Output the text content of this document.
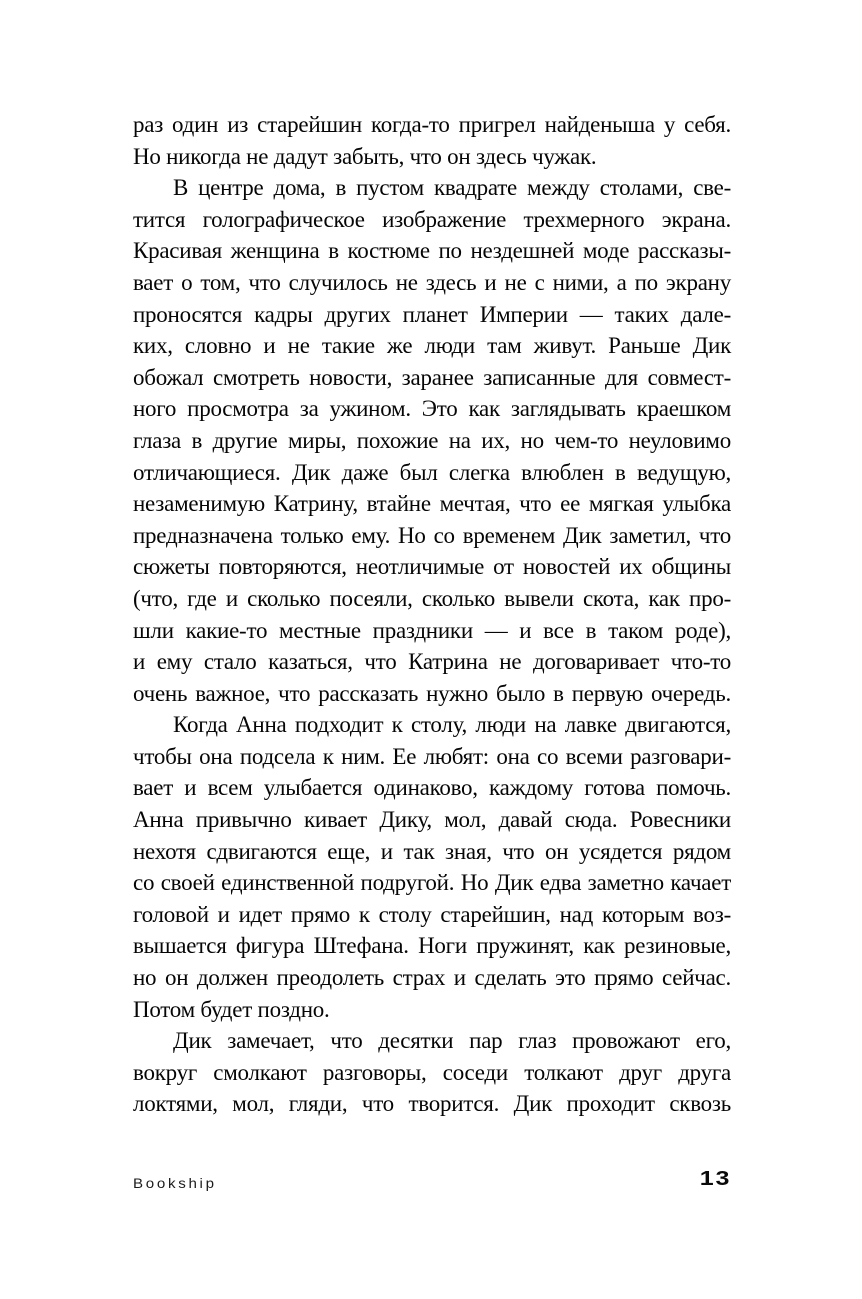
раз один из старейшин когда-то пригрел найденыша у себя.
Но никогда не дадут забыть, что он здесь чужак.
В центре дома, в пустом квадрате между столами, све-
тится голографическое изображение трехмерного экрана.
Красивая женщина в костюме по нездешней моде рассказы-
вает о том, что случилось не здесь и не с ними, а по экрану
проносятся кадры других планет Империи — таких дале-
ких, словно и не такие же люди там живут. Раньше Дик
обожал смотреть новости, заранее записанные для совмест-
ного просмотра за ужином. Это как заглядывать краешком
глаза в другие миры, похожие на их, но чем-то неуловимо
отличающиеся. Дик даже был слегка влюблен в ведущую,
незаменимую Катрину, втайне мечтая, что ее мягкая улыбка
предназначена только ему. Но со временем Дик заметил, что
сюжеты повторяются, неотличимые от новостей их общины
(что, где и сколько посеяли, сколько вывели скота, как про-
шли какие-то местные праздники — и все в таком роде),
и ему стало казаться, что Катрина не договаривает что-то
очень важное, что рассказать нужно было в первую очередь.
Когда Анна подходит к столу, люди на лавке двигаются,
чтобы она подсела к ним. Ее любят: она со всеми разговари-
вает и всем улыбается одинаково, каждому готова помочь.
Анна привычно кивает Дику, мол, давай сюда. Ровесники
нехотя сдвигаются еще, и так зная, что он усядется рядом
со своей единственной подругой. Но Дик едва заметно качает
головой и идет прямо к столу старейшин, над которым воз-
вышается фигура Штефана. Ноги пружинят, как резиновые,
но он должен преодолеть страх и сделать это прямо сейчас.
Потом будет поздно.
Дик замечает, что десятки пар глаз провожают его,
вокруг смолкают разговоры, соседи толкают друг друга
локтями, мол, гляди, что творится. Дик проходит сквозь
Bookship	13
